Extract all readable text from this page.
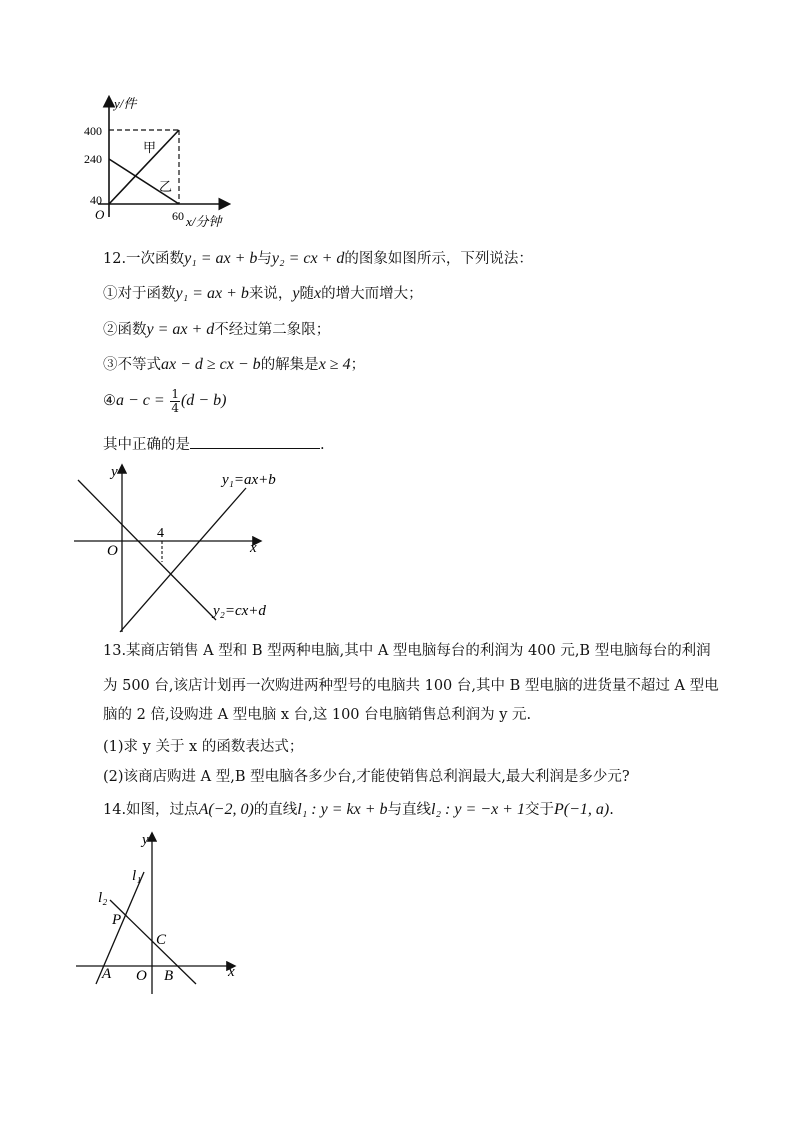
y/件
400
240
40
O	60 x/分钟
甲
乙
12.一次函数y₁ = ax + b与y₂ = cx + d的图象如图所示，下列说法：
①对于函数y₁ = ax + b来说，y随x的增大而增大；
②函数y = ax + d不经过第二象限；
③不等式ax − d ≥ cx − b的解集是x ≥ 4；
④a − $c = \frac{1}{4} (d - b)$
其中正确的是	.
y
x
O
4
y₁=ax+b
y₂=cx+d
13.某商店销售 A 型和 B 型两种电脑,其中 A 型电脑每台的利润为 400 元,B 型电脑每台的利润
为 500 台,该店计划再一次购进两种型号的电脑共 100 台,其中 B 型电脑的进货量不超过 A 型电
脑的 2 倍,设购进 A 型电脑 x 台,这 100 台电脑销售总利润为 y 元.
(1)求 y 关于 x 的函数表达式；
(2)该商店购进 A 型,B 型电脑各多少台,才能使销售总利润最大,最大利润是多少元?
14.如图，过点A(−2, 0)的直线l₁ : y = kx + b与直线l₂ : y = −x + 1交于P(−1, a).
y
x
O
A	B
C
P
l₁
l₂
